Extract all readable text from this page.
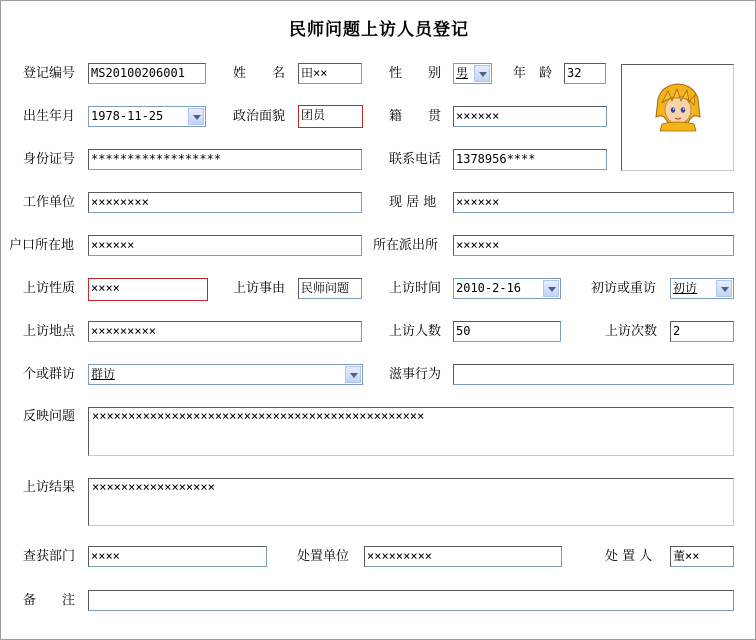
民师问题上访人员登记
登记编号 MS20100206001	姓　　名 田××	性　　别 男	年　龄 32
出生年月 1978-11-25	政治面貌 团员	籍　　贯 ××××××
身份证号 ******************	联系电话 1378956****
工作单位 ××××××××	现 居 地 ××××××
户口所在地 ××××××	所在派出所 ××××××
上访性质 ××××	上访事由 民师问题	上访时间 2010-2-16	初访或重访 初访
上访地点 ×××××××××	上访人数 50	上访次数 2
个或群访 群访	滋事行为
反映问题	××××××××××××××××××××××××××××××××××××××××××××××
上访结果	×××××××××××××××××
查获部门 ××××	处置单位 ×××××××××	处 置 人 董××
备　　注
